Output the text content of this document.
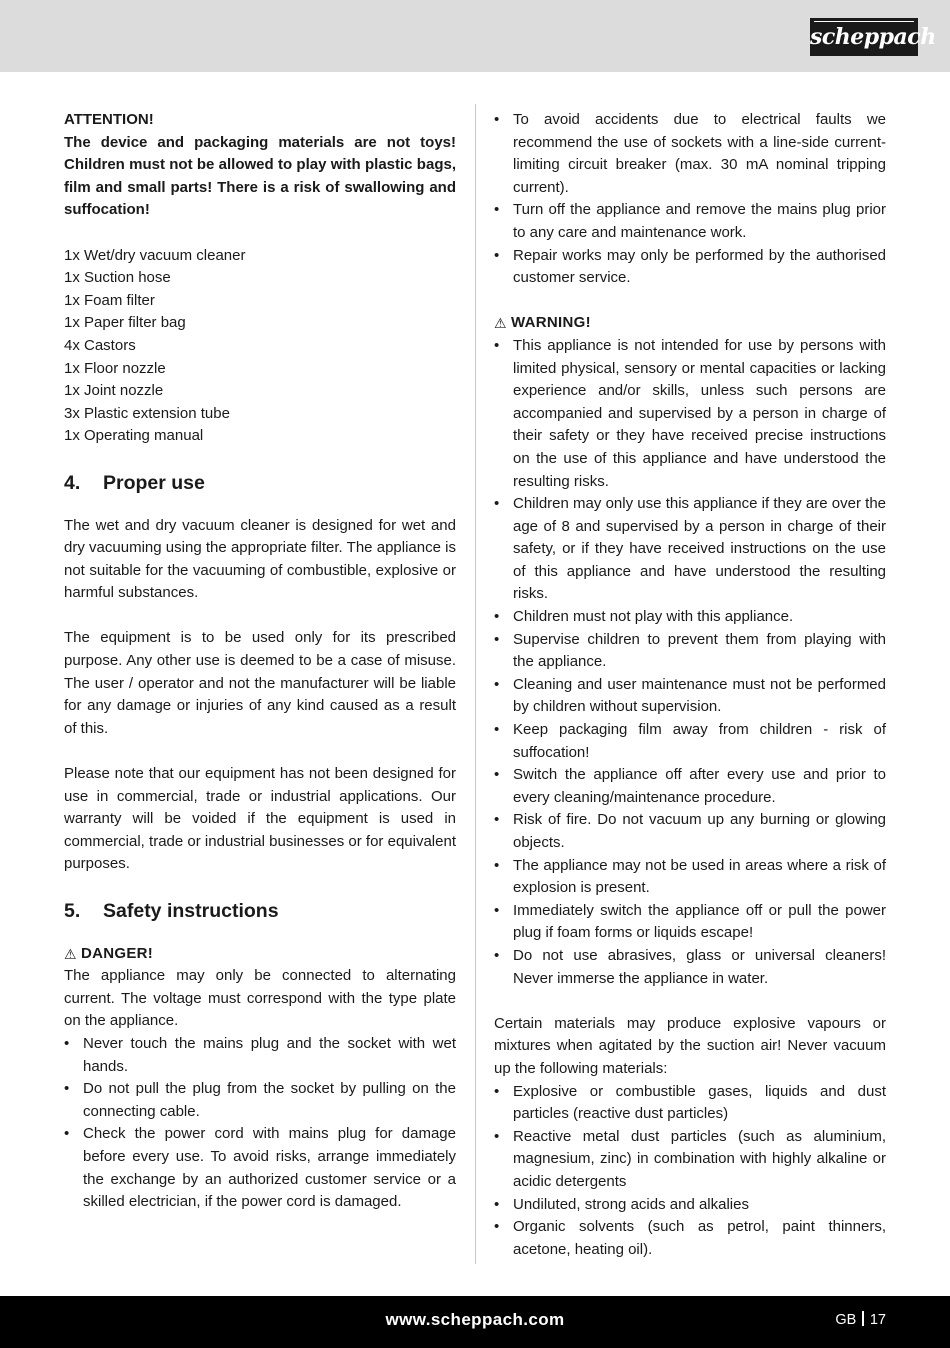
scheppach
ATTENTION!
The device and packaging materials are not toys! Children must not be allowed to play with plastic bags, film and small parts! There is a risk of swallowing and suffocation!
1x Wet/dry vacuum cleaner
1x Suction hose
1x Foam filter
1x Paper filter bag
4x Castors
1x Floor nozzle
1x Joint nozzle
3x Plastic extension tube
1x Operating manual
4.	Proper use

The wet and dry vacuum cleaner is designed for wet and dry vacuuming using the appropriate filter. The appliance is not suitable for the vacuuming of combustible, explosive or harmful substances.

The equipment is to be used only for its prescribed purpose. Any other use is deemed to be a case of misuse. The user / operator and not the manufacturer will be liable for any damage or injuries of any kind caused as a result of this.

Please note that our equipment has not been designed for use in commercial, trade or industrial applications. Our warranty will be voided if the equipment is used in commercial, trade or industrial businesses or for equivalent purposes.

5.	Safety instructions
⚠ DANGER!

The appliance may only be connected to alternating current. The voltage must correspond with the type plate on the appliance.

• Never touch the mains plug and the socket with wet hands.
• Do not pull the plug from the socket by pulling on the connecting cable.
• Check the power cord with mains plug for damage before every use. To avoid risks, arrange immediately the exchange by an authorized customer service or a skilled electrician, if the power cord is damaged.
• To avoid accidents due to electrical faults we recommend the use of sockets with a line-side current-limiting circuit breaker (max. 30 mA nominal tripping current).
• Turn off the appliance and remove the mains plug prior to any care and maintenance work.
• Repair works may only be performed by the authorised customer service.
⚠ WARNING!
• This appliance is not intended for use by persons with limited physical, sensory or mental capacities or lacking experience and/or skills, unless such persons are accompanied and supervised by a person in charge of their safety or they have received precise instructions on the use of this appliance and have understood the resulting risks.
• Children may only use this appliance if they are over the age of 8 and supervised by a person in charge of their safety, or if they have received instructions on the use of this appliance and have understood the resulting risks.
• Children must not play with this appliance.
• Supervise children to prevent them from playing with the appliance.
• Cleaning and user maintenance must not be performed by children without supervision.
• Keep packaging film away from children - risk of suffocation!
• Switch the appliance off after every use and prior to every cleaning/maintenance procedure.
• Risk of fire. Do not vacuum up any burning or glowing objects.
• The appliance may not be used in areas where a risk of explosion is present.
• Immediately switch the appliance off or pull the power plug if foam forms or liquids escape!
• Do not use abrasives, glass or universal cleaners! Never immerse the appliance in water.

Certain materials may produce explosive vapours or mixtures when agitated by the suction air! Never vacuum up the following materials:

• Explosive or combustible gases, liquids and dust particles (reactive dust particles)
• Reactive metal dust particles (such as aluminium, magnesium, zinc) in combination with highly alkaline or acidic detergents
• Undiluted, strong acids and alkalies
• Organic solvents (such as petrol, paint thinners, acetone, heating oil).
www.scheppach.com	GB 17
